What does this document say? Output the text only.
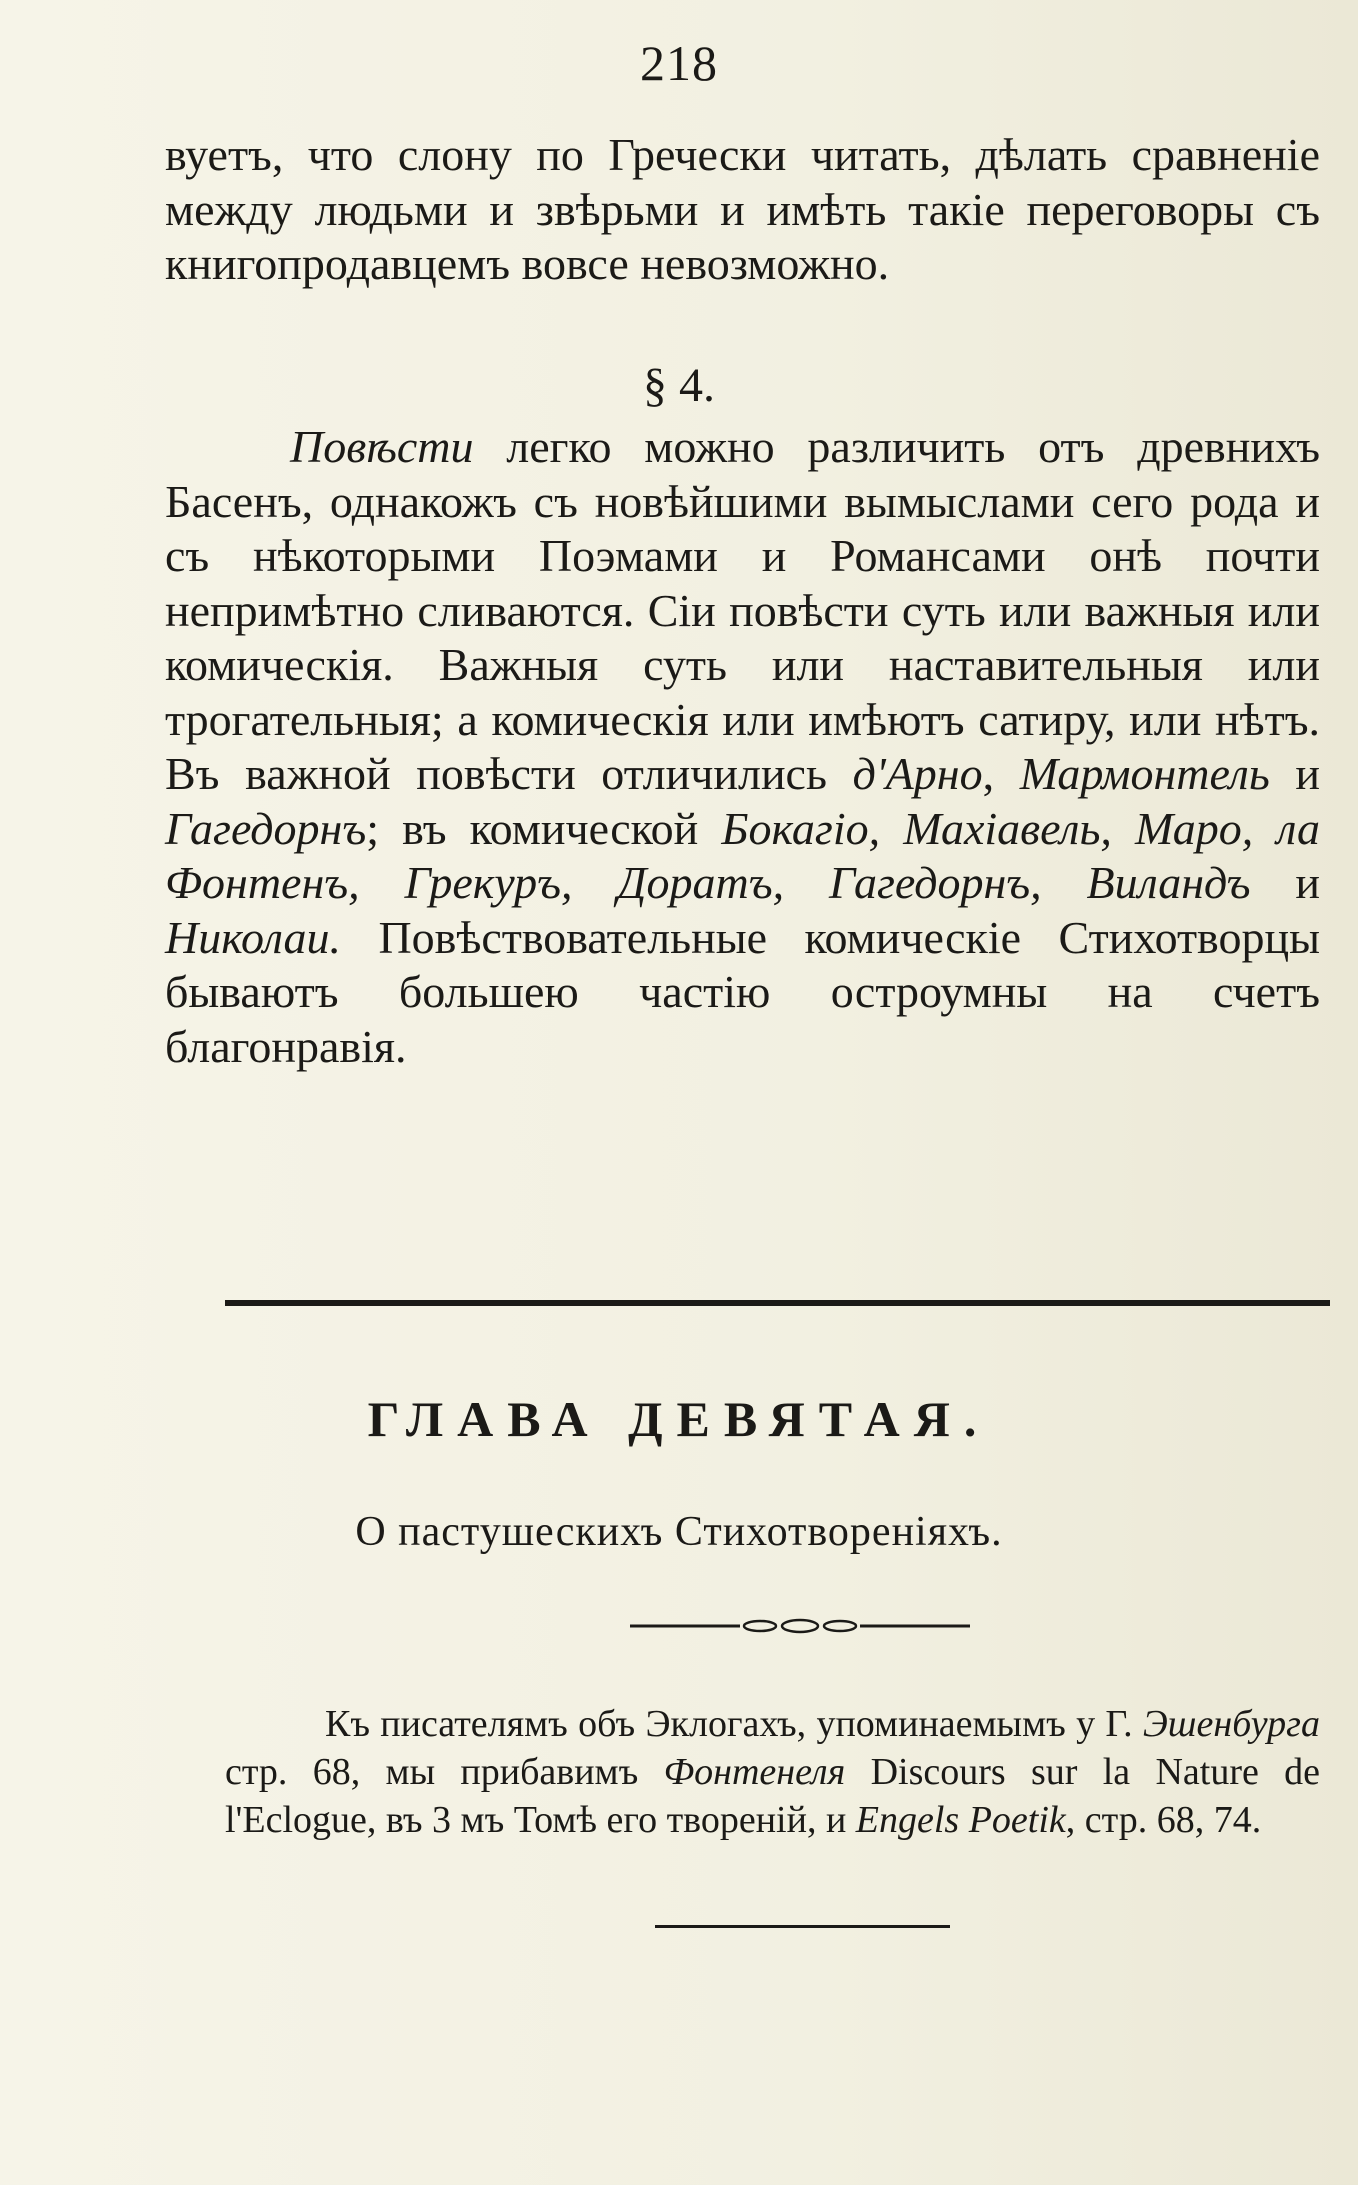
218

вуетъ, что слону по Гречески читать, дѣлать сравненіе между людьми и звѣрьми и имѣть такіе переговоры съ книгопродавцемъ вовсе невозможно.

§ 4.

Повѣсти легко можно различить отъ древнихъ Басенъ, однакожъ съ новѣйшими вымыслами сего рода и съ нѣкоторыми Поэмами и Романсами онѣ почти непримѣтно сливаются. Сіи повѣсти суть или важныя или комическія. Важныя суть или наставительныя или трогательныя; а комическія или имѣютъ сатиру, или нѣтъ. Въ важной повѣсти отличились д'Арно, Мармонтель и Гагедорнъ; въ комической Бокагіо, Махіавель, Маро, ла Фонтенъ, Грекуръ, Доратъ, Гагедорнъ, Виландъ и Николаи. Повѣствовательные комическіе Стихотворцы бываютъ большею частію остроумны на счетъ благонравія.

ГЛАВА ДЕВЯТАЯ.
О пастушескихъ Стихотвореніяхъ.

Къ писателямъ объ Эклогахъ, упоминаемымъ у Г. Эшенбурга стр. 68, мы прибавимъ Фонтенеля Discours sur la Nature de l'Eclogue, въ 3 мъ Томѣ его твореній, и Engels Poetik, стр. 68, 74.
